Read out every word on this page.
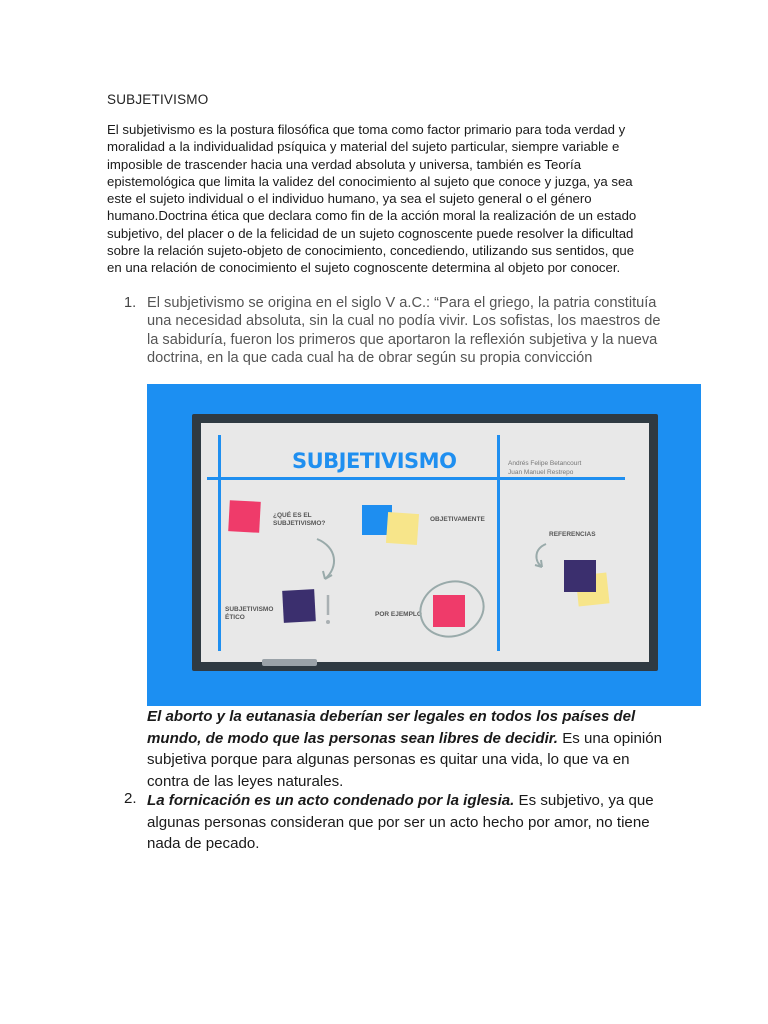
SUBJETIVISMO

El subjetivismo es la postura filosófica que toma como factor primario para toda verdad y moralidad a la individualidad psíquica y material del sujeto particular, siempre variable e imposible de trascender hacia una verdad absoluta y universa, también es Teoría epistemológica que limita la validez del conocimiento al sujeto que conoce y juzga, ya sea este el sujeto individual o el individuo humano, ya sea el sujeto general o el género humano.Doctrina ética que declara como fin de la acción moral la realización de un estado subjetivo, del placer o de la felicidad de un sujeto cognoscente puede resolver la dificultad sobre la relación sujeto-objeto de conocimiento, concediendo, utilizando sus sentidos, que en una relación de conocimiento el sujeto cognoscente determina al objeto por conocer.

1. El subjetivismo se origina en el siglo V a.C.: “Para el griego, la patria constituía una necesidad absoluta, sin la cual no podía vivir. Los sofistas, los maestros de la sabiduría, fueron los primeros que aportaron la reflexión subjetiva y la nueva doctrina, en la que cada cual ha de obrar según su propia convicción
SUBJETIVISMO	Andrés Felipe Betancourt
Juan Manuel Restrepo
¿QUÉ ES EL SUBJETIVISMO?
OBJETIVAMENTE
REFERENCIAS
SUBJETIVISMO ÉTICO	POR EJEMPLO
El aborto y la eutanasia deberían ser legales en todos los países del mundo, de modo que las personas sean libres de decidir. Es una opinión subjetiva porque para algunas personas es quitar una vida, lo que va en contra de las leyes naturales.
2. La fornicación es un acto condenado por la iglesia. Es subjetivo, ya que algunas personas consideran que por ser un acto hecho por amor, no tiene nada de pecado.
